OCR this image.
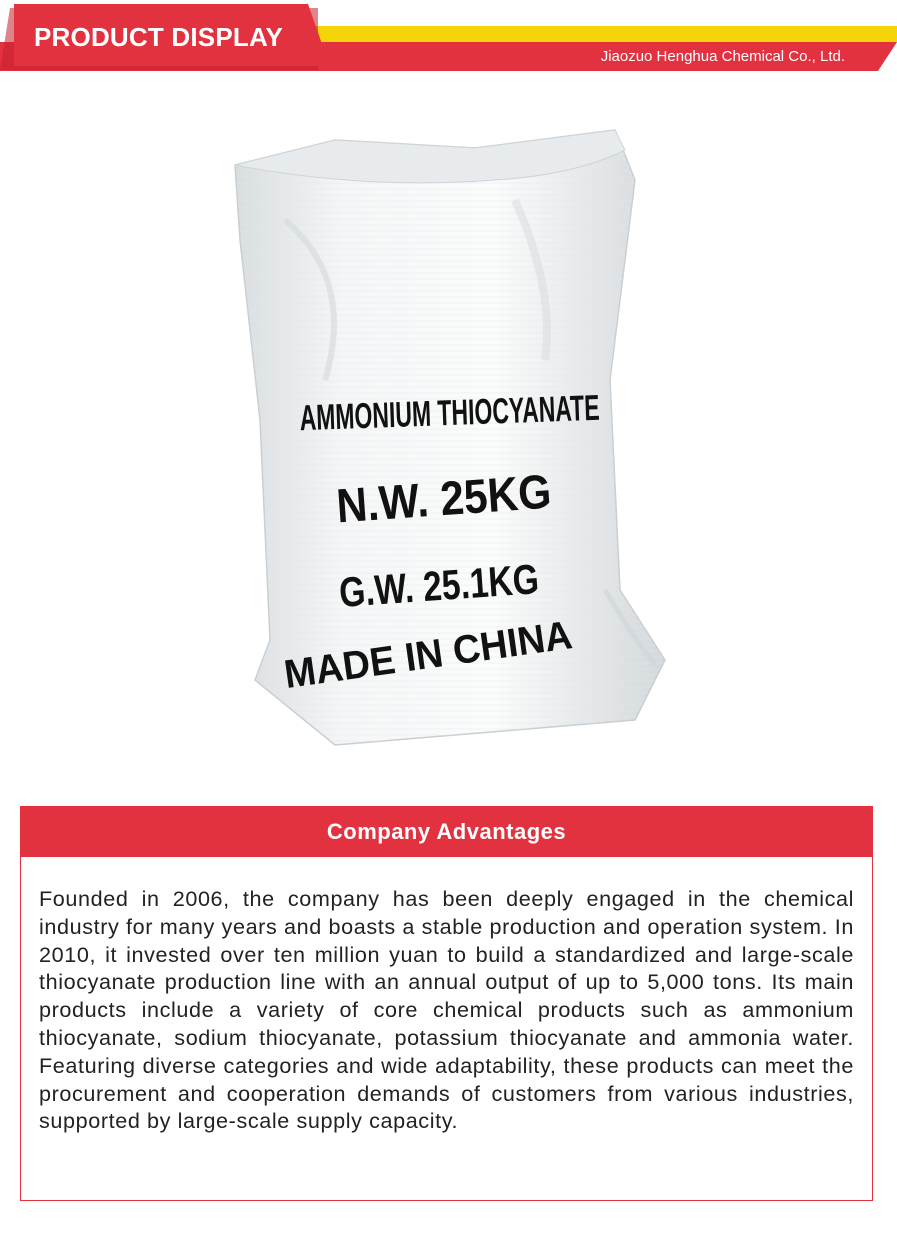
PRODUCT DISPLAY
Jiaozuo Henghua Chemical Co., Ltd.
AMMONIUM THIOCYANATE
N.W. 25KG
G.W. 25.1KG
MADE IN CHINA
Company Advantages
Founded in 2006, the company has been deeply engaged in the chemical industry for many years and boasts a stable production and operation system. In 2010, it invested over ten million yuan to build a standardized and large-scale thiocyanate production line with an annual output of up to 5,000 tons. Its main products include a variety of core chemical products such as ammonium thiocyanate, sodium thiocyanate, potassium thiocyanate and ammonia water. Featuring diverse categories and wide adaptability, these products can meet the procurement and cooperation demands of customers from various industries, supported by large-scale supply capacity.
